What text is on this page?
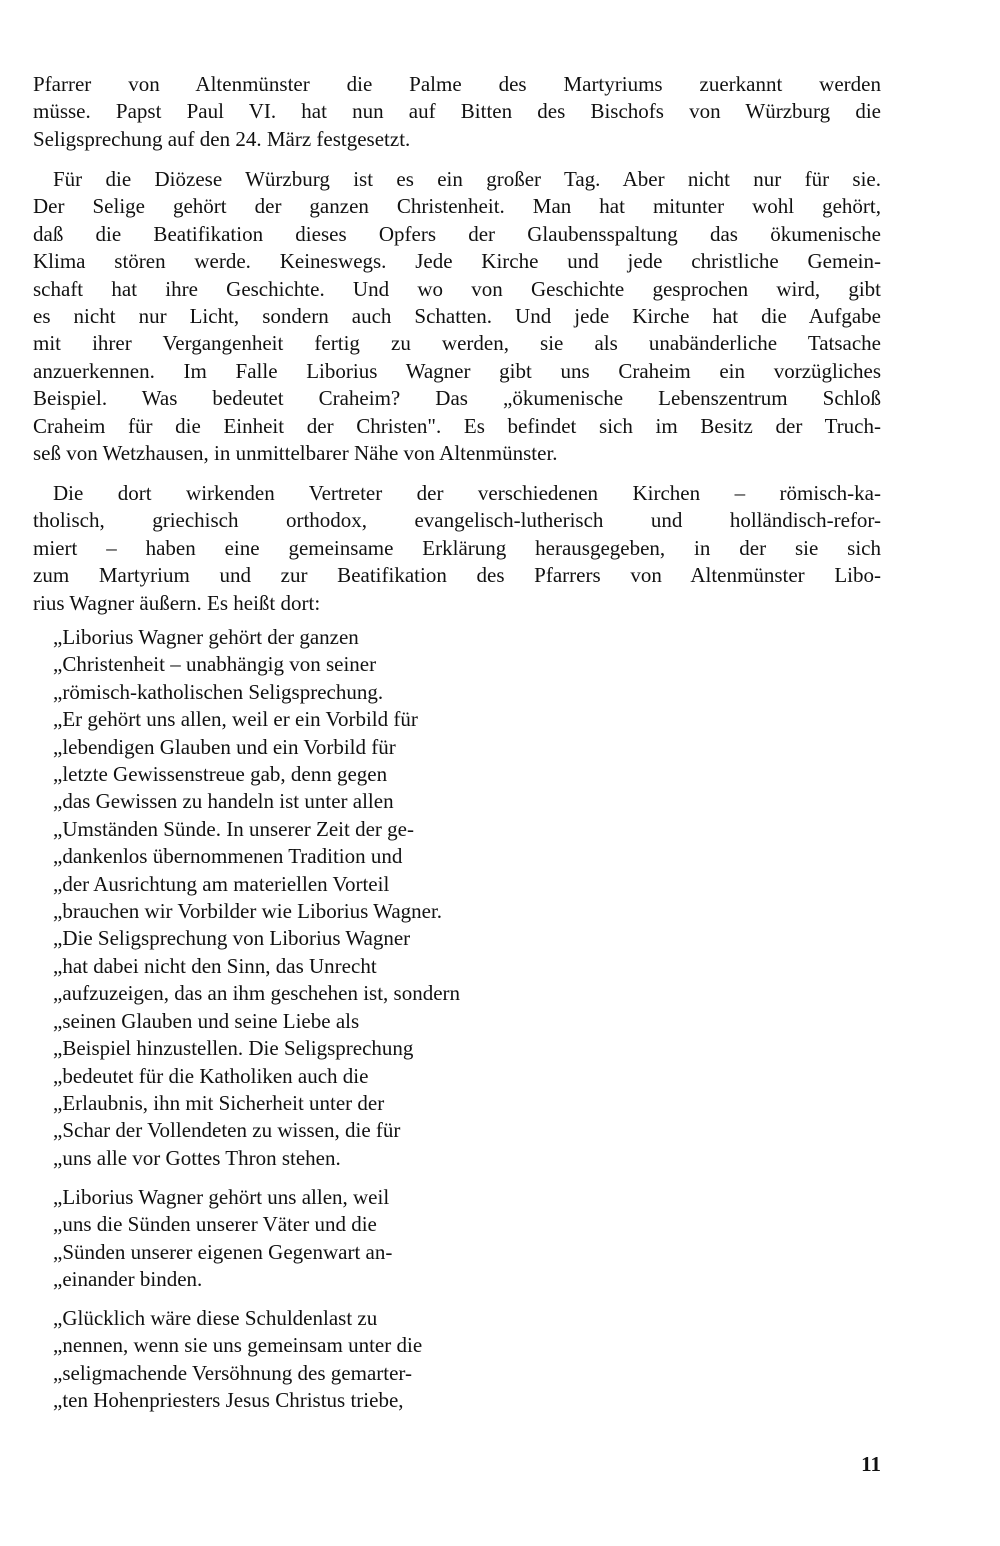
Pfarrer von Altenmünster die Palme des Martyriums zuerkannt werden
müsse. Papst Paul VI. hat nun auf Bitten des Bischofs von Würzburg die
Seligsprechung auf den 24. März festgesetzt.
Für die Diözese Würzburg ist es ein großer Tag. Aber nicht nur für sie.
Der Selige gehört der ganzen Christenheit. Man hat mitunter wohl gehört,
daß die Beatifikation dieses Opfers der Glaubensspaltung das ökumenische
Klima stören werde. Keineswegs. Jede Kirche und jede christliche Gemein-
schaft hat ihre Geschichte. Und wo von Geschichte gesprochen wird, gibt
es nicht nur Licht, sondern auch Schatten. Und jede Kirche hat die Aufgabe
mit ihrer Vergangenheit fertig zu werden, sie als unabänderliche Tatsache
anzuerkennen. Im Falle Liborius Wagner gibt uns Craheim ein vorzügliches
Beispiel. Was bedeutet Craheim? Das „ökumenische Lebenszentrum Schloß
Craheim für die Einheit der Christen". Es befindet sich im Besitz der Truch-
seß von Wetzhausen, in unmittelbarer Nähe von Altenmünster.
Die dort wirkenden Vertreter der verschiedenen Kirchen – römisch-ka-
tholisch, griechisch orthodox, evangelisch-lutherisch und holländisch-refor-
miert – haben eine gemeinsame Erklärung herausgegeben, in der sie sich
zum Martyrium und zur Beatifikation des Pfarrers von Altenmünster Libo-
rius Wagner äußern. Es heißt dort:
„Liborius Wagner gehört der ganzen
„Christenheit – unabhängig von seiner
„römisch-katholischen Seligsprechung.
„Er gehört uns allen, weil er ein Vorbild für
„lebendigen Glauben und ein Vorbild für
„letzte Gewissenstreue gab, denn gegen
„das Gewissen zu handeln ist unter allen
„Umständen Sünde. In unserer Zeit der ge-
„dankenlos übernommenen Tradition und
„der Ausrichtung am materiellen Vorteil
„brauchen wir Vorbilder wie Liborius Wagner.
„Die Seligsprechung von Liborius Wagner
„hat dabei nicht den Sinn, das Unrecht
„aufzuzeigen, das an ihm geschehen ist, sondern
„seinen Glauben und seine Liebe als
„Beispiel hinzustellen. Die Seligsprechung
„bedeutet für die Katholiken auch die
„Erlaubnis, ihn mit Sicherheit unter der
„Schar der Vollendeten zu wissen, die für
„uns alle vor Gottes Thron stehen.
„Liborius Wagner gehört uns allen, weil
„uns die Sünden unserer Väter und die
„Sünden unserer eigenen Gegenwart an-
„einander binden.
„Glücklich wäre diese Schuldenlast zu
„nennen, wenn sie uns gemeinsam unter die
„seligmachende Versöhnung des gemarter-
„ten Hohenpriesters Jesus Christus triebe,
11
